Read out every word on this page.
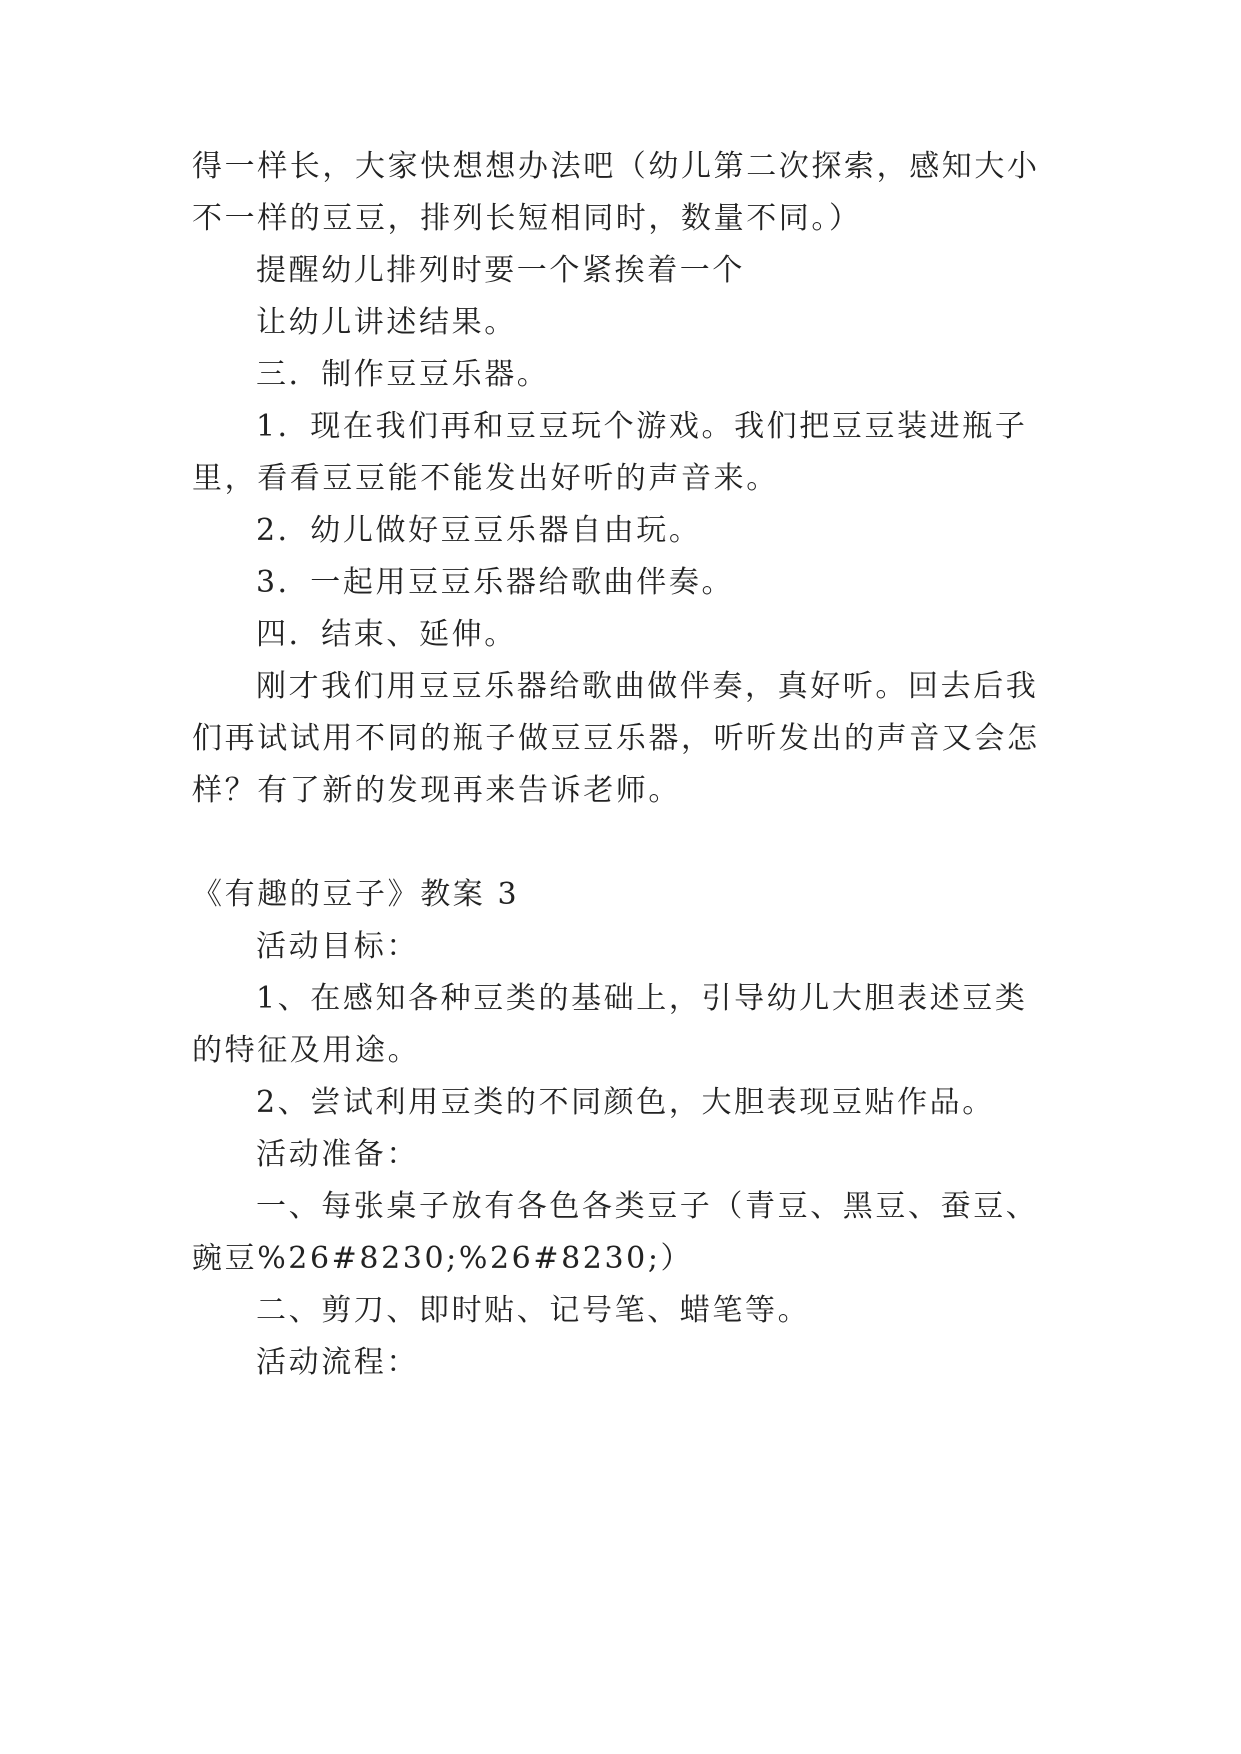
得一样长，大家快想想办法吧（幼儿第二次探索，感知大小
不一样的豆豆，排列长短相同时，数量不同。）
提醒幼儿排列时要一个紧挨着一个
让幼儿讲述结果。
三．制作豆豆乐器。
1．现在我们再和豆豆玩个游戏。我们把豆豆装进瓶子
里，看看豆豆能不能发出好听的声音来。
2．幼儿做好豆豆乐器自由玩。
3．一起用豆豆乐器给歌曲伴奏。
四．结束、延伸。
刚才我们用豆豆乐器给歌曲做伴奏，真好听。回去后我
们再试试用不同的瓶子做豆豆乐器，听听发出的声音又会怎
样？有了新的发现再来告诉老师。
《有趣的豆子》教案 3
活动目标：
1、在感知各种豆类的基础上，引导幼儿大胆表述豆类
的特征及用途。
2、尝试利用豆类的不同颜色，大胆表现豆贴作品。
活动准备：
一、每张桌子放有各色各类豆子（青豆、黑豆、蚕豆、
豌豆%26#8230;%26#8230;）
二、剪刀、即时贴、记号笔、蜡笔等。
活动流程：
